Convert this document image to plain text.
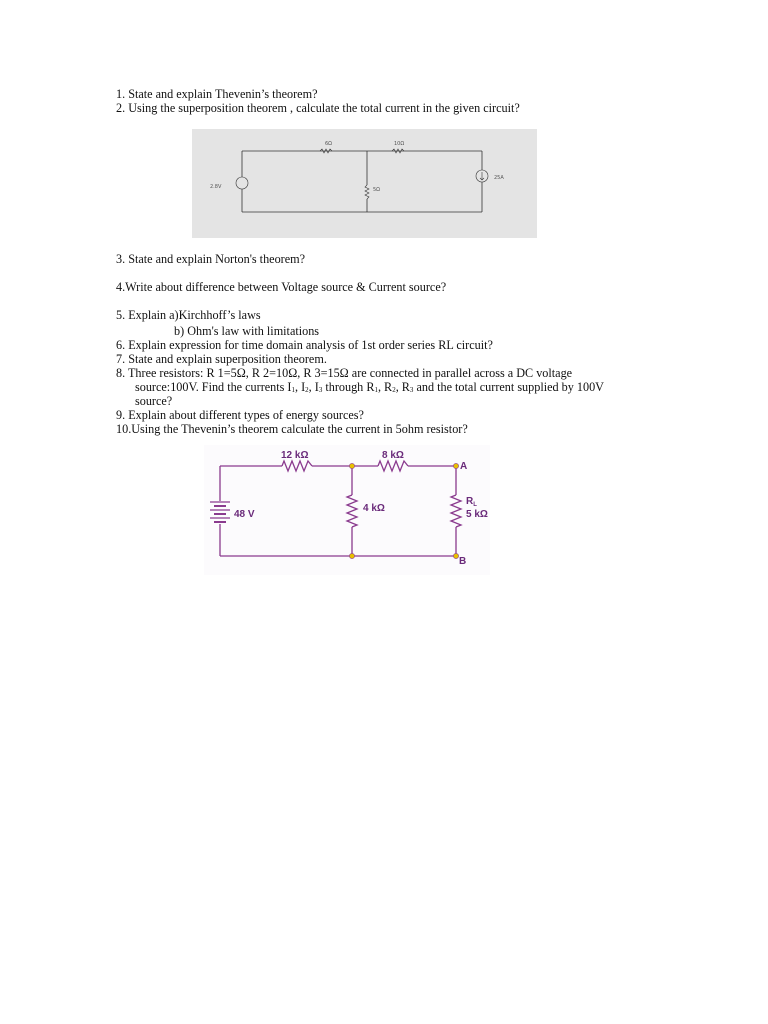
1. State and explain Thevenin’s theorem?
2. Using the superposition theorem , calculate the total current in the given circuit?
6Ω	10Ω
5Ω
2.8V
25A
3. State and explain Norton's theorem?
4.Write about difference between Voltage source & Current source?
5. Explain a)Kirchhoff’s laws
b) Ohm's law with limitations
6. Explain expression for time domain analysis of 1st order series RL circuit?
7. State and explain superposition theorem.
8. Three resistors: R 1=5Ω, R 2=10Ω, R 3=15Ω are connected in parallel across a DC voltage
source:100V. Find the currents $I_1$, $I_2$, $I_3$ through $R_1$, $R_2$, $R_3$ and the total current supplied by 100V
source?
9. Explain about different types of energy sources?
10.Using the Thevenin’s theorem calculate the current in 5ohm resistor?
12 kΩ	8 kΩ
4 kΩ
$R_L$
5 kΩ
48 V
A
B
